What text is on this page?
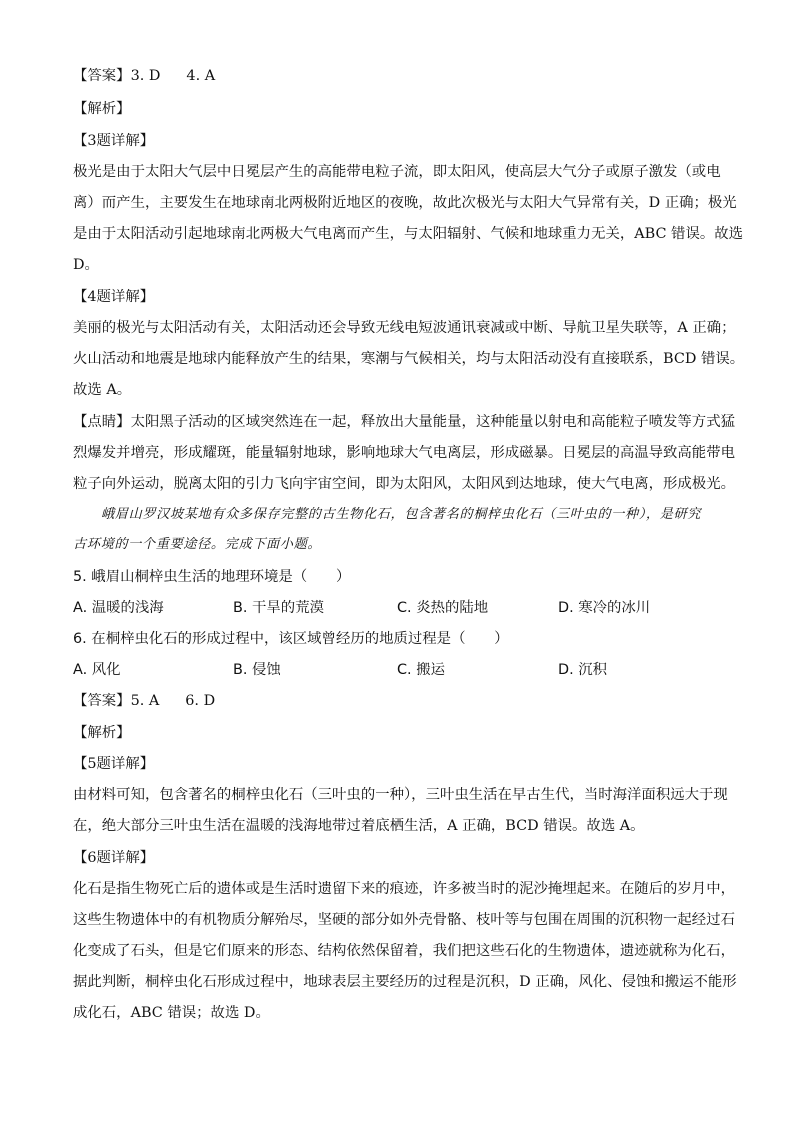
【答案】3. D 4. A
【解析】
【3题详解】
极光是由于太阳大气层中日冕层产生的高能带电粒子流，即太阳风，使高层大气分子或原子激发（或电
离）而产生，主要发生在地球南北两极附近地区的夜晚，故此次极光与太阳大气异常有关，D 正确；极光
是由于太阳活动引起地球南北两极大气电离而产生，与太阳辐射、气候和地球重力无关，ABC 错误。故选
D。
【4题详解】
美丽的极光与太阳活动有关，太阳活动还会导致无线电短波通讯衰减或中断、导航卫星失联等，A 正确；
火山活动和地震是地球内能释放产生的结果，寒潮与气候相关，均与太阳活动没有直接联系，BCD 错误。
故选 A。
【点睛】太阳黑子活动的区域突然连在一起，释放出大量能量，这种能量以射电和高能粒子喷发等方式猛
烈爆发并增亮，形成耀斑，能量辐射地球，影响地球大气电离层，形成磁暴。日冕层的高温导致高能带电
粒子向外运动，脱离太阳的引力飞向宇宙空间，即为太阳风，太阳风到达地球，使大气电离，形成极光。
峨眉山罗汉坡某地有众多保存完整的古生物化石，包含著名的桐梓虫化石（三叶虫的一种），是研究
古环境的一个重要途径。完成下面小题。
5. 峨眉山桐梓虫生活的地理环境是（　　）
A. 温暖的浅海	B. 干旱的荒漠	C. 炎热的陆地	D. 寒冷的冰川
6. 在桐梓虫化石的形成过程中，该区域曾经历的地质过程是（　　）
A. 风化	B. 侵蚀	C. 搬运	D. 沉积
【答案】5. A 6. D
【解析】
【5题详解】
由材料可知，包含著名的桐梓虫化石（三叶虫的一种），三叶虫生活在早古生代，当时海洋面积远大于现
在，绝大部分三叶虫生活在温暖的浅海地带过着底栖生活，A 正确，BCD 错误。故选 A。
【6题详解】
化石是指生物死亡后的遗体或是生活时遗留下来的痕迹，许多被当时的泥沙掩埋起来。在随后的岁月中，
这些生物遗体中的有机物质分解殆尽，坚硬的部分如外壳骨骼、枝叶等与包围在周围的沉积物一起经过石
化变成了石头，但是它们原来的形态、结构依然保留着，我们把这些石化的生物遗体，遗迹就称为化石，
据此判断，桐梓虫化石形成过程中，地球表层主要经历的过程是沉积，D 正确，风化、侵蚀和搬运不能形
成化石，ABC 错误；故选 D。
